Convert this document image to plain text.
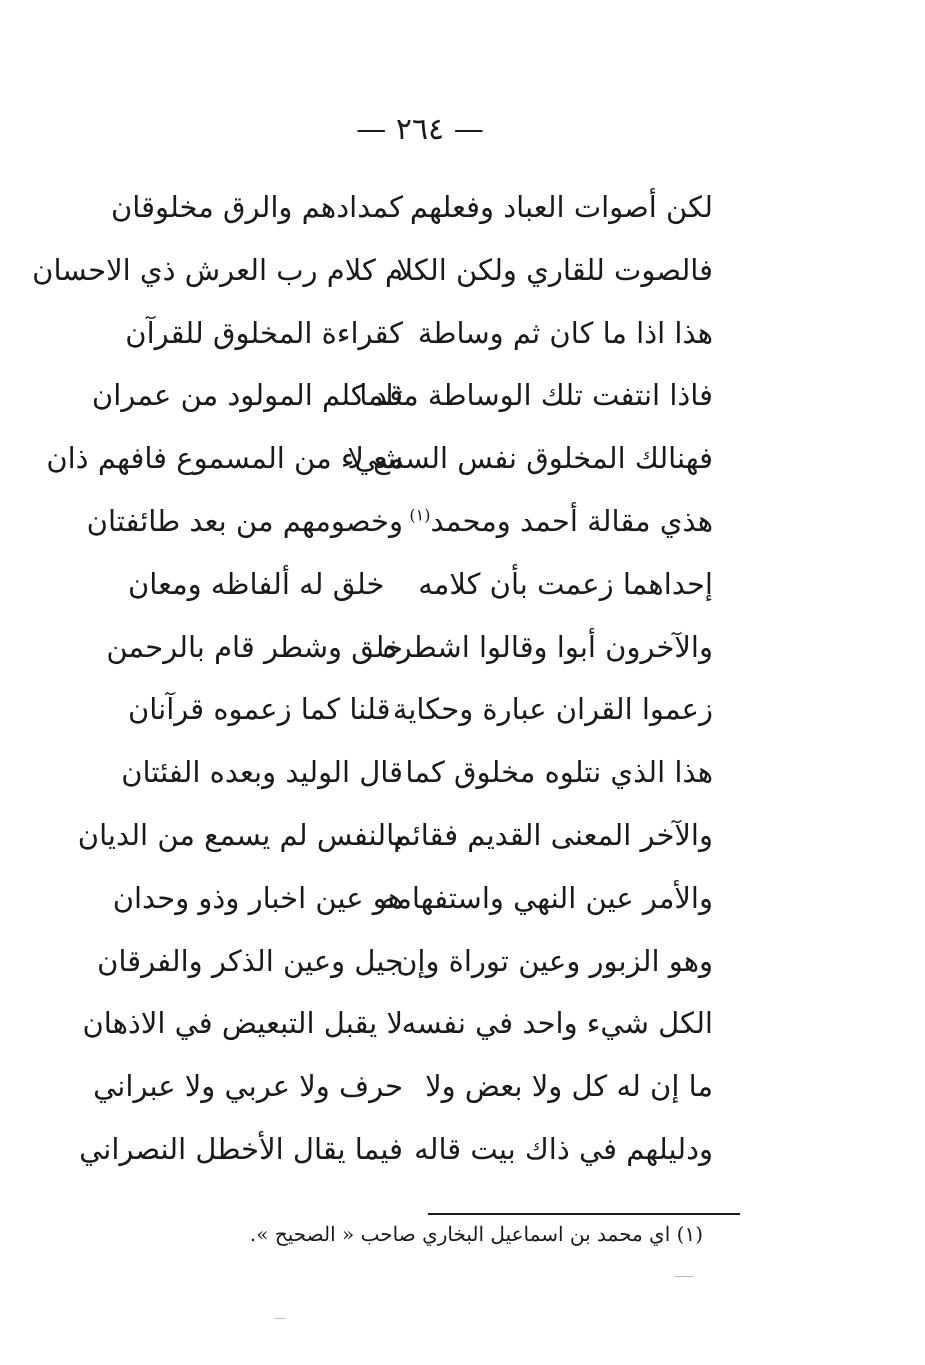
— ٢٦٤ —
لكن أصوات العباد وفعلهم
كمدادهم والرق مخلوقان
فالصوت للقاري ولكن الكلا
م كلام رب العرش ذي الاحسان
هذا اذا ما كان ثم وساطة
كقراءة المخلوق للقرآن
فاذا انتفت تلك الوساطة مثلما
قد كلم المولود من عمران
فهنالك المخلوق نفس السمع لا
شيء من المسموع فافهم ذان
هذي مقالة أحمد ومحمد$^{(١)}$
وخصومهم من بعد طائفتان
إحداهما زعمت بأن كلامه
خلق له ألفاظه ومعان
والآخرون أبوا وقالوا اشطره
خلق وشطر قام بالرحمن
زعموا القران عبارة وحكاية
قلنا كما زعموه قرآنان
هذا الذي نتلوه مخلوق كما
قال الوليد وبعده الفئتان
والآخر المعنى القديم فقائم
بالنفس لم يسمع من الديان
والأمر عين النهي واستفهامه
هو عين اخبار وذو وحدان
وهو الزبور وعين توراة وإن
جيل وعين الذكر والفرقان
الكل شيء واحد في نفسه
لا يقبل التبعيض في الاذهان
ما إن له كل ولا بعض ولا
حرف ولا عربي ولا عبراني
ودليلهم في ذاك بيت قاله
فيما يقال الأخطل النصراني
(١) اي محمد بن اسماعيل البخاري صاحب « الصحيح ».
